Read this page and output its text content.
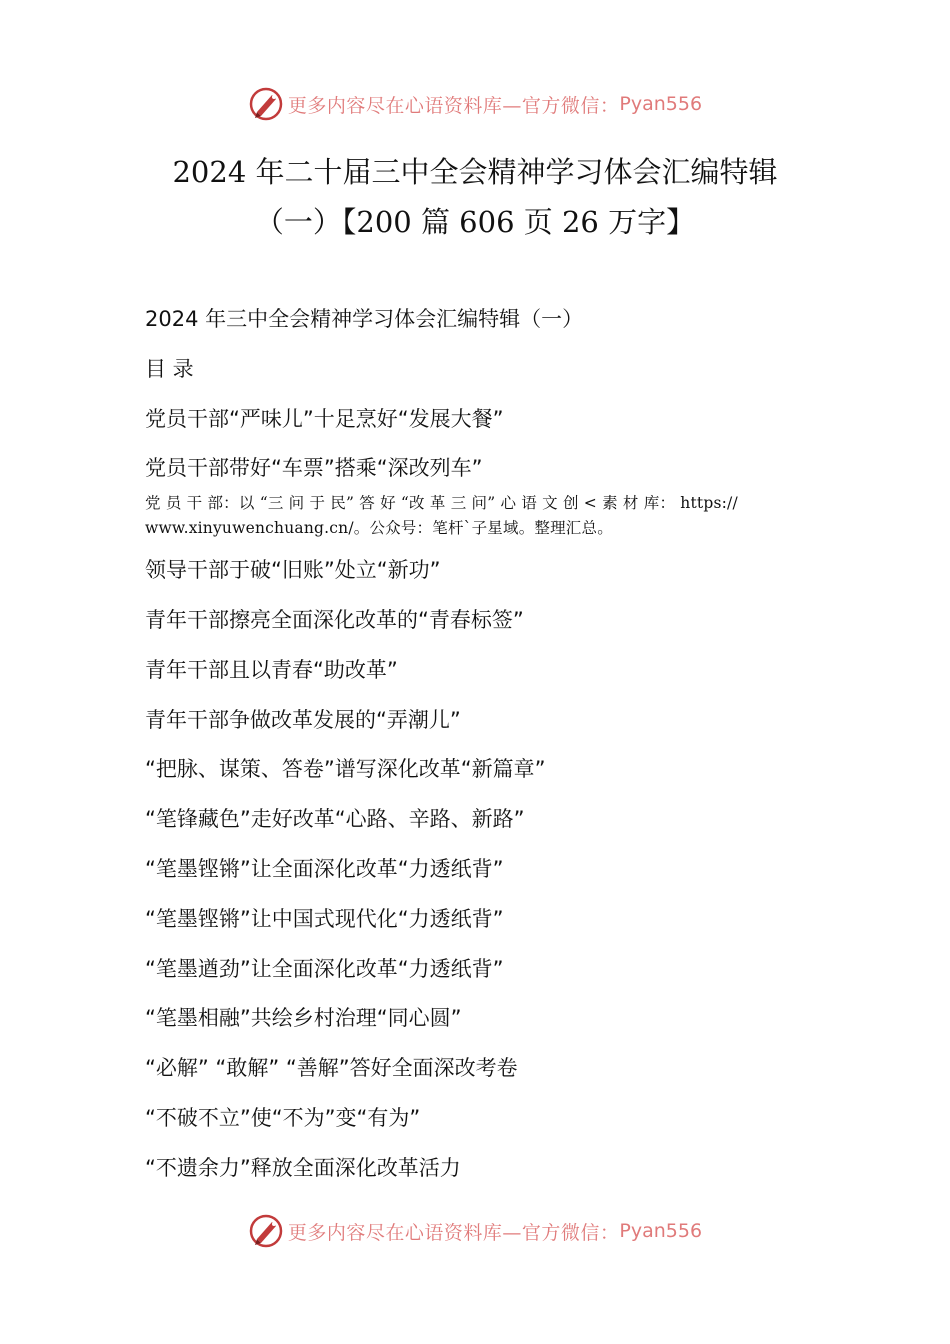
更多内容尽在心语资料库—官方微信： Pyan556
2024 年二十届三中全会精神学习体会汇编特辑
（一）【200 篇 606 页 26 万字】
2024 年三中全会精神学习体会汇编特辑（一）
目 录
党员干部“严味儿”十足烹好“发展大餐”
党员干部带好“车票”搭乘“深改列车”
党 员 干 部：以 “三 问 于 民” 答 好 “改 革 三 问” 心 语 文 创 < 素 材 库： https://
www.xinyuwenchuang.cn/。公众号：笔杆`子星域。整理汇总。
领导干部于破“旧账”处立“新功”
青年干部擦亮全面深化改革的“青春标签”
青年干部且以青春“助改革”
青年干部争做改革发展的“弄潮儿”
“把脉、谋策、答卷”谱写深化改革“新篇章”
“笔锋藏色”走好改革“心路、辛路、新路”
“笔墨铿锵”让全面深化改革“力透纸背”
“笔墨铿锵”让中国式现代化“力透纸背”
“笔墨遒劲”让全面深化改革“力透纸背”
“笔墨相融”共绘乡村治理“同心圆”
“必解” “敢解” “善解”答好全面深改考卷
“不破不立”使“不为”变“有为”
“不遗余力”释放全面深化改革活力
更多内容尽在心语资料库—官方微信： Pyan556
